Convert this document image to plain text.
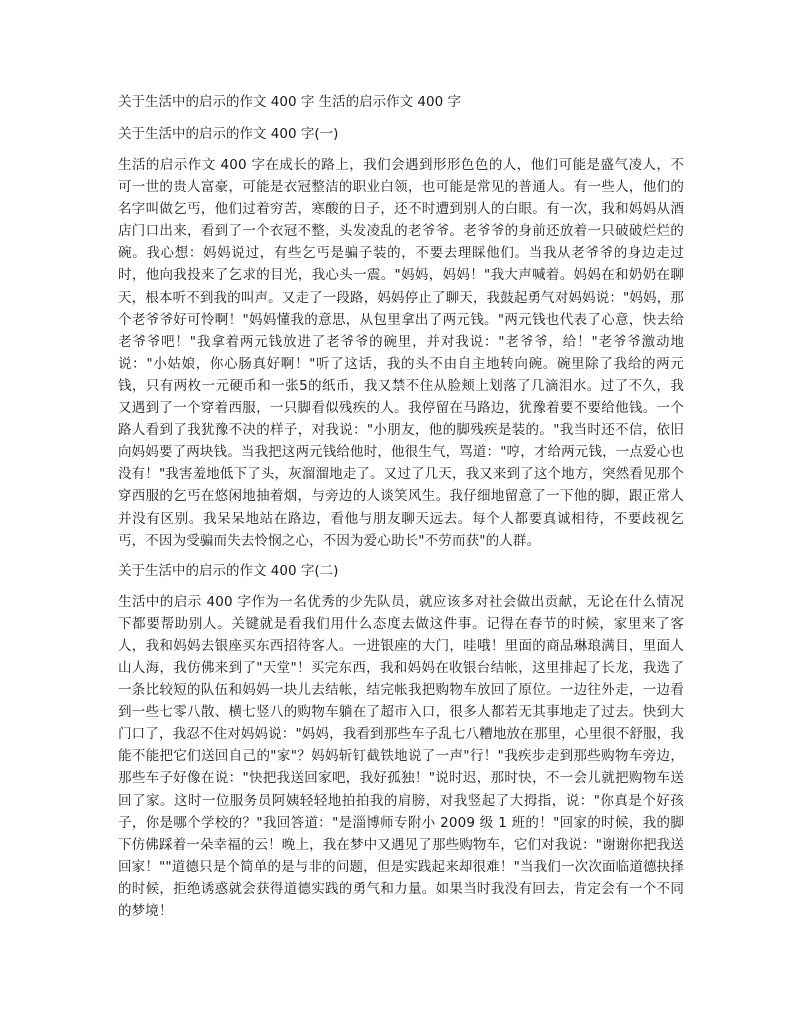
关于生活中的启示的作文 400 字 生活的启示作文 400 字
关于生活中的启示的作文 400 字(一)

生活的启示作文 400 字在成长的路上，我们会遇到形形色色的人，他们可能是盛气凌人，不可一世的贵人富豪，可能是衣冠整洁的职业白领，也可能是常见的普通人。有一些人，他们的名字叫做乞丐，他们过着穷苦，寒酸的日子，还不时遭到别人的白眼。有一次，我和妈妈从酒店门口出来，看到了一个衣冠不整，头发凌乱的老爷爷。老爷爷的身前还放着一只破破烂烂的碗。我心想：妈妈说过，有些乞丐是骗子装的，不要去理睬他们。当我从老爷爷的身边走过时，他向我投来了乞求的目光，我心头一震。"妈妈，妈妈！"我大声喊着。妈妈在和奶奶在聊天，根本听不到我的叫声。又走了一段路，妈妈停止了聊天，我鼓起勇气对妈妈说："妈妈，那个老爷爷好可怜啊！"妈妈懂我的意思，从包里拿出了两元钱。"两元钱也代表了心意，快去给老爷爷吧！"我拿着两元钱放进了老爷爷的碗里，并对我说："老爷爷，给！"老爷爷激动地说："小姑娘，你心肠真好啊！"听了这话，我的头不由自主地转向碗。碗里除了我给的两元钱，只有两枚一元硬币和一张5的纸币，我又禁不住从脸颊上划落了几滴泪水。过了不久，我又遇到了一个穿着西服，一只脚看似残疾的人。我停留在马路边，犹豫着要不要给他钱。一个路人看到了我犹豫不决的样子，对我说："小朋友，他的脚残疾是装的。"我当时还不信，依旧向妈妈要了两块钱。当我把这两元钱给他时，他很生气，骂道："哼，才给两元钱，一点爱心也没有！"我害羞地低下了头，灰溜溜地走了。又过了几天，我又来到了这个地方，突然看见那个穿西服的乞丐在悠闲地抽着烟，与旁边的人谈笑风生。我仔细地留意了一下他的脚，跟正常人并没有区别。我呆呆地站在路边，看他与朋友聊天远去。每个人都要真诚相待，不要歧视乞丐，不因为受骗而失去怜悯之心，不因为爱心助长"不劳而获"的人群。

关于生活中的启示的作文 400 字(二)

生活中的启示 400 字作为一名优秀的少先队员，就应该多对社会做出贡献，无论在什么情况下都要帮助别人。关键就是看我们用什么态度去做这件事。记得在春节的时候，家里来了客人，我和妈妈去银座买东西招待客人。一进银座的大门，哇哦！里面的商品琳琅满目，里面人山人海，我仿佛来到了"天堂"！买完东西，我和妈妈在收银台结帐，这里排起了长龙，我选了一条比较短的队伍和妈妈一块儿去结帐，结完帐我把购物车放回了原位。一边往外走，一边看到一些七零八散、横七竖八的购物车躺在了超市入口，很多人都若无其事地走了过去。快到大门口了，我忍不住对妈妈说："妈妈，我看到那些车子乱七八糟地放在那里，心里很不舒服，我能不能把它们送回自己的"家"？妈妈斩钉截铁地说了一声"行！"我疾步走到那些购物车旁边，那些车子好像在说："快把我送回家吧，我好孤独！"说时迟，那时快，不一会儿就把购物车送回了家。这时一位服务员阿姨轻轻地拍拍我的肩膀，对我竖起了大拇指，说："你真是个好孩子，你是哪个学校的？"我回答道："是淄博师专附小 2009 级 1 班的！"回家的时候，我的脚下仿佛踩着一朵幸福的云！晚上，我在梦中又遇见了那些购物车，它们对我说："谢谢你把我送回家！""道德只是个简单的是与非的问题，但是实践起来却很难！"当我们一次次面临道德抉择的时候，拒绝诱惑就会获得道德实践的勇气和力量。如果当时我没有回去，肯定会有一个不同的梦境！
